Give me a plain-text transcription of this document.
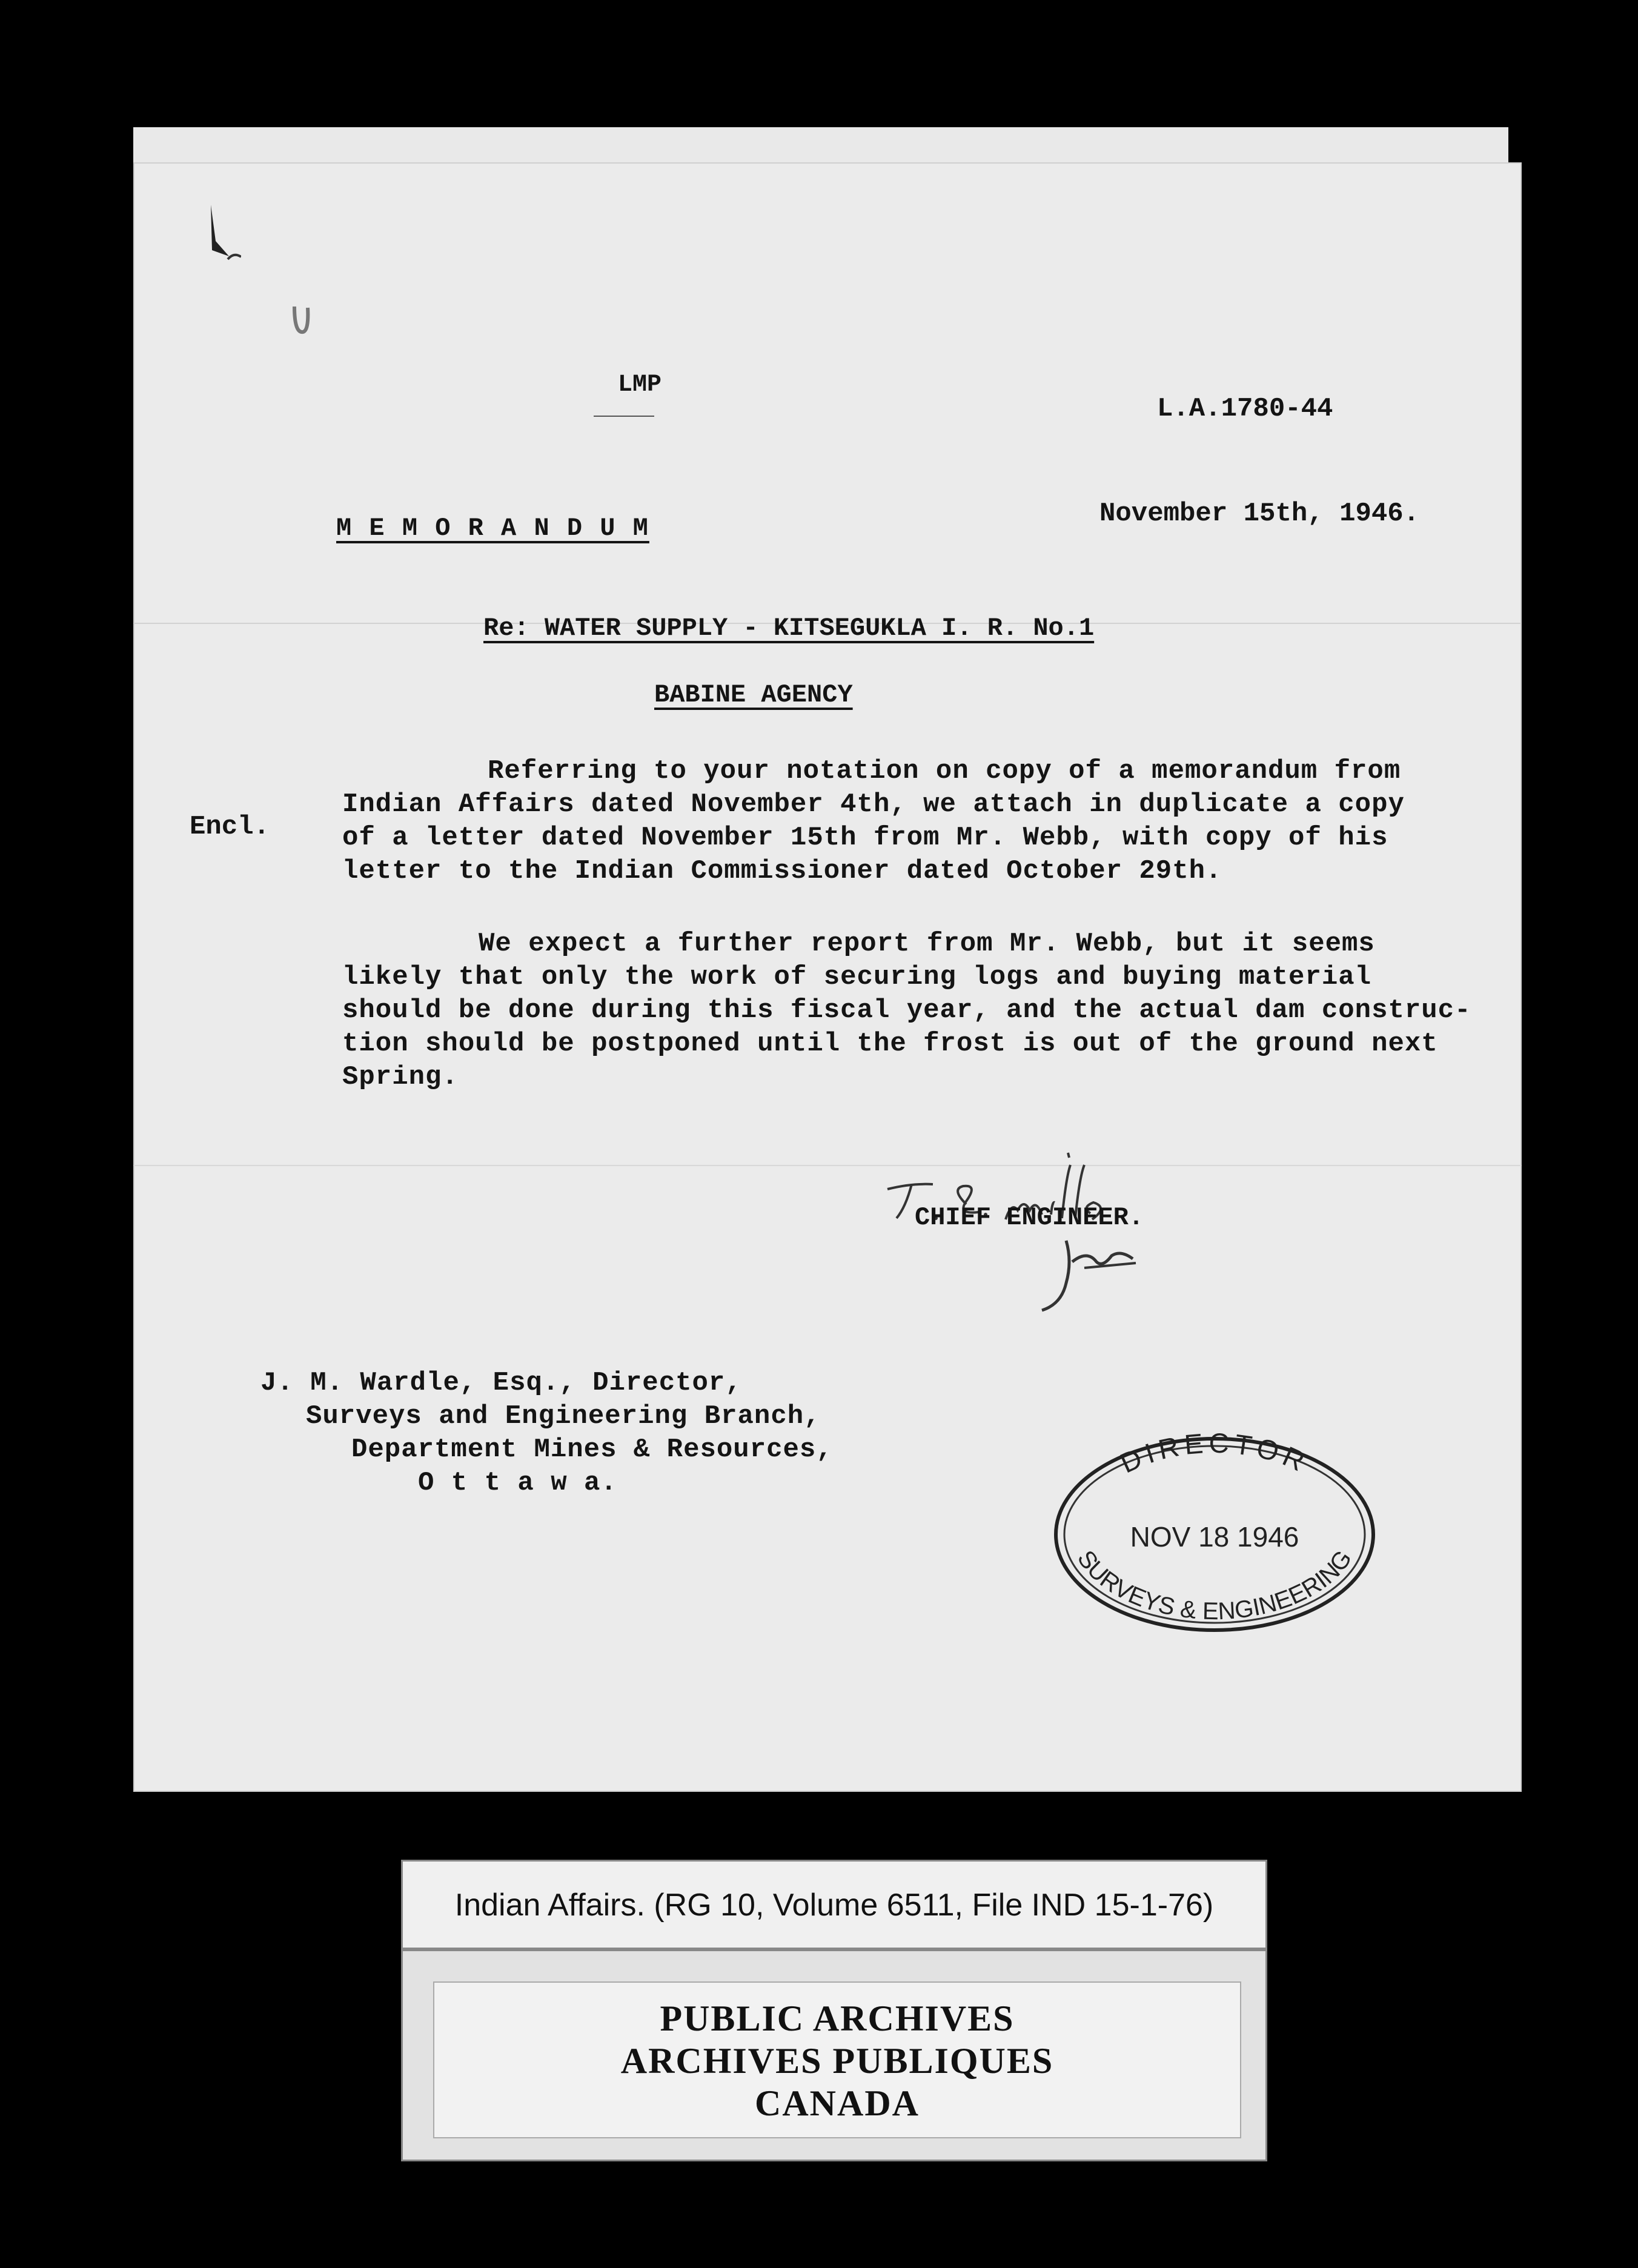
LMP
L.A.1780-44
November 15th, 1946.
M E M O R A N D U M
Re: WATER SUPPLY - KITSEGUKLA I. R. No.1
BABINE AGENCY
Encl.
Referring to your notation on copy of a memorandum from
Indian Affairs dated November 4th, we attach in duplicate a copy
of a letter dated November 15th from Mr. Webb, with copy of his
letter to the Indian Commissioner dated October 29th.
We expect a further report from Mr. Webb, but it seems
likely that only the work of securing logs and buying material
should be done during this fiscal year, and the actual dam construc-
tion should be postponed until the frost is out of the ground next
Spring.
CHIEF ENGINEER.
J. M. Wardle, Esq., Director,
Surveys and Engineering Branch,
Department Mines & Resources,
O t t a w a.
DIRECTOR
NOV 18 1946
SURVEYS & ENGINEERING
Indian Affairs. (RG 10, Volume 6511, File IND 15-1-76)
PUBLIC ARCHIVES
ARCHIVES PUBLIQUES
CANADA
